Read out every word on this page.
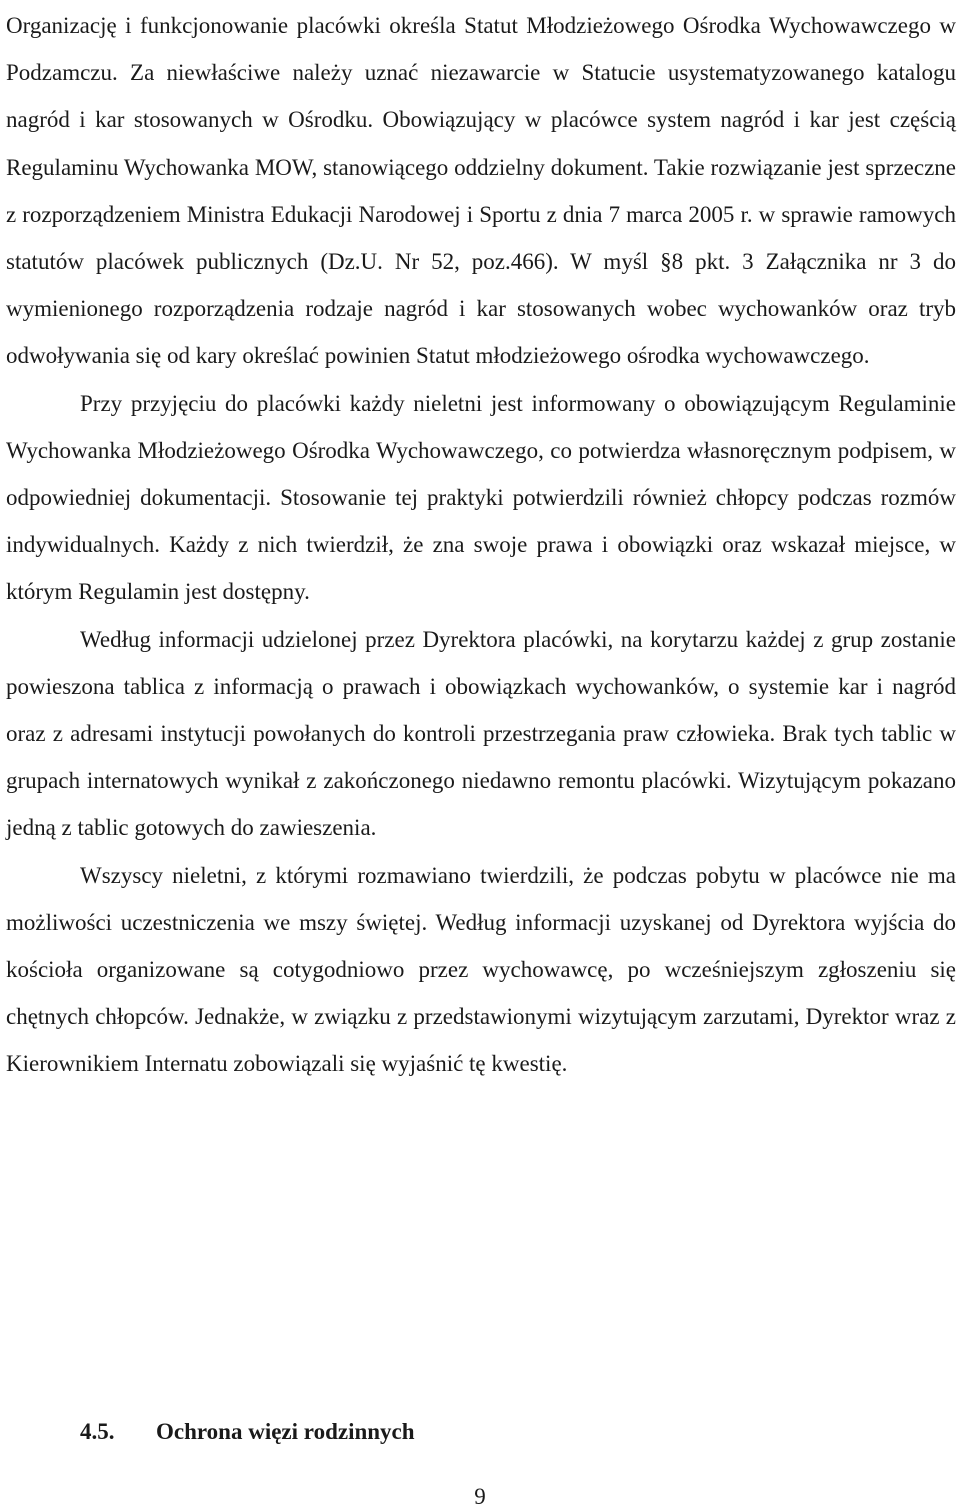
Organizację i funkcjonowanie placówki określa Statut Młodzieżowego Ośrodka Wychowawczego w Podzamczu. Za niewłaściwe należy uznać niezawarcie w Statucie usystematyzowanego katalogu nagród i kar stosowanych w Ośrodku. Obowiązujący w placówce system nagród i kar jest częścią Regulaminu Wychowanka MOW, stanowiącego oddzielny dokument. Takie rozwiązanie jest sprzeczne z rozporządzeniem Ministra Edukacji Narodowej i Sportu z dnia 7 marca 2005 r. w sprawie ramowych statutów placówek publicznych (Dz.U. Nr 52, poz.466). W myśl §8 pkt. 3 Załącznika nr 3 do wymienionego rozporządzenia rodzaje nagród i kar stosowanych wobec wychowanków oraz tryb odwoływania się od kary określać powinien Statut młodzieżowego ośrodka wychowawczego.

Przy przyjęciu do placówki każdy nieletni jest informowany o obowiązującym Regulaminie Wychowanka Młodzieżowego Ośrodka Wychowawczego, co potwierdza własnoręcznym podpisem, w odpowiedniej dokumentacji. Stosowanie tej praktyki potwierdzili również chłopcy podczas rozmów indywidualnych. Każdy z nich twierdził, że zna swoje prawa i obowiązki oraz wskazał miejsce, w którym Regulamin jest dostępny.

Według informacji udzielonej przez Dyrektora placówki, na korytarzu każdej z grup zostanie powieszona tablica z informacją o prawach i obowiązkach wychowanków, o systemie kar i nagród oraz z adresami instytucji powołanych do kontroli przestrzegania praw człowieka. Brak tych tablic w grupach internatowych wynikał z zakończonego niedawno remontu placówki. Wizytującym pokazano jedną z tablic gotowych do zawieszenia.

Wszyscy nieletni, z którymi rozmawiano twierdzili, że podczas pobytu w placówce nie ma możliwości uczestniczenia we mszy świętej. Według informacji uzyskanej od Dyrektora wyjścia do kościoła organizowane są cotygodniowo przez wychowawcę, po wcześniejszym zgłoszeniu się chętnych chłopców. Jednakże, w związku z przedstawionymi wizytującym zarzutami, Dyrektor wraz z Kierownikiem Internatu zobowiązali się wyjaśnić tę kwestię.

4.5. Ochrona więzi rodzinnych
9
